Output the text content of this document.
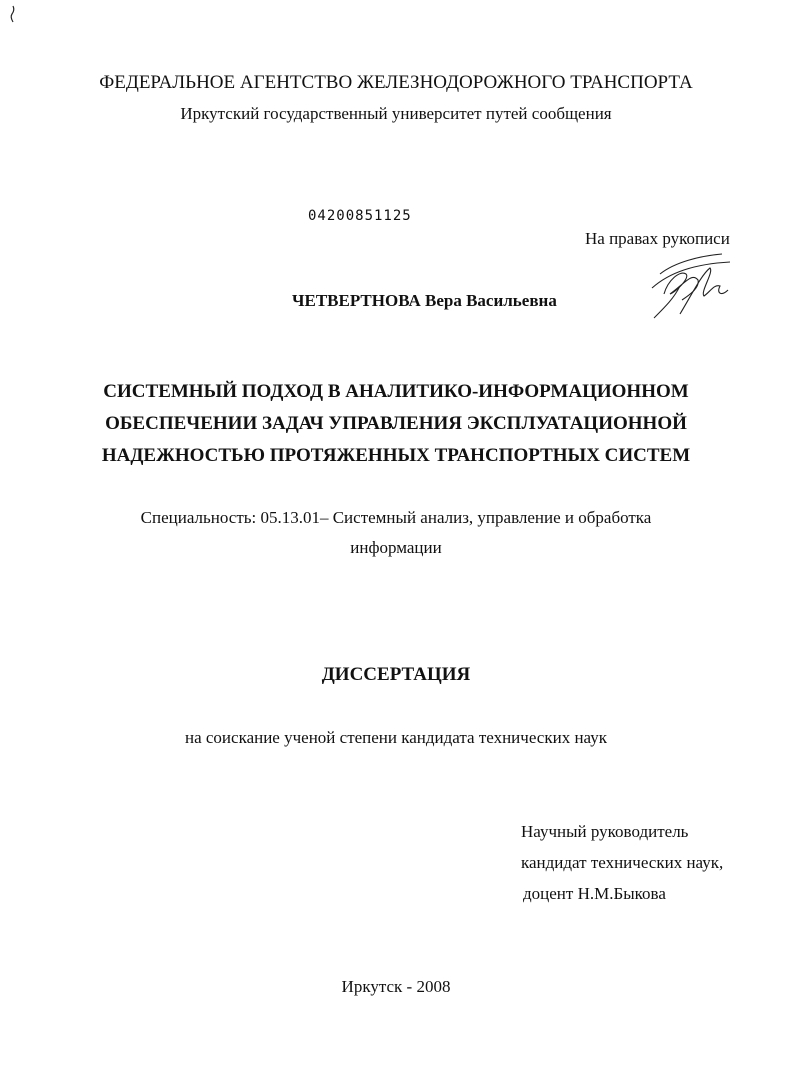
ФЕДЕРАЛЬНОЕ АГЕНТСТВО ЖЕЛЕЗНОДОРОЖНОГО ТРАНСПОРТА
Иркутский государственный университет путей сообщения
04200851125
На правах рукописи
ЧЕТВЕРТНОВА Вера Васильевна
СИСТЕМНЫЙ ПОДХОД В АНАЛИТИКО-ИНФОРМАЦИОННОМ
ОБЕСПЕЧЕНИИ ЗАДАЧ УПРАВЛЕНИЯ ЭКСПЛУАТАЦИОННОЙ
НАДЕЖНОСТЬЮ ПРОТЯЖЕННЫХ ТРАНСПОРТНЫХ СИСТЕМ
Специальность: 05.13.01– Системный анализ, управление и обработка
информации
ДИССЕРТАЦИЯ
на соискание ученой степени кандидата технических наук
Научный руководитель
кандидат технических наук,
доцент Н.М.Быкова
Иркутск - 2008
